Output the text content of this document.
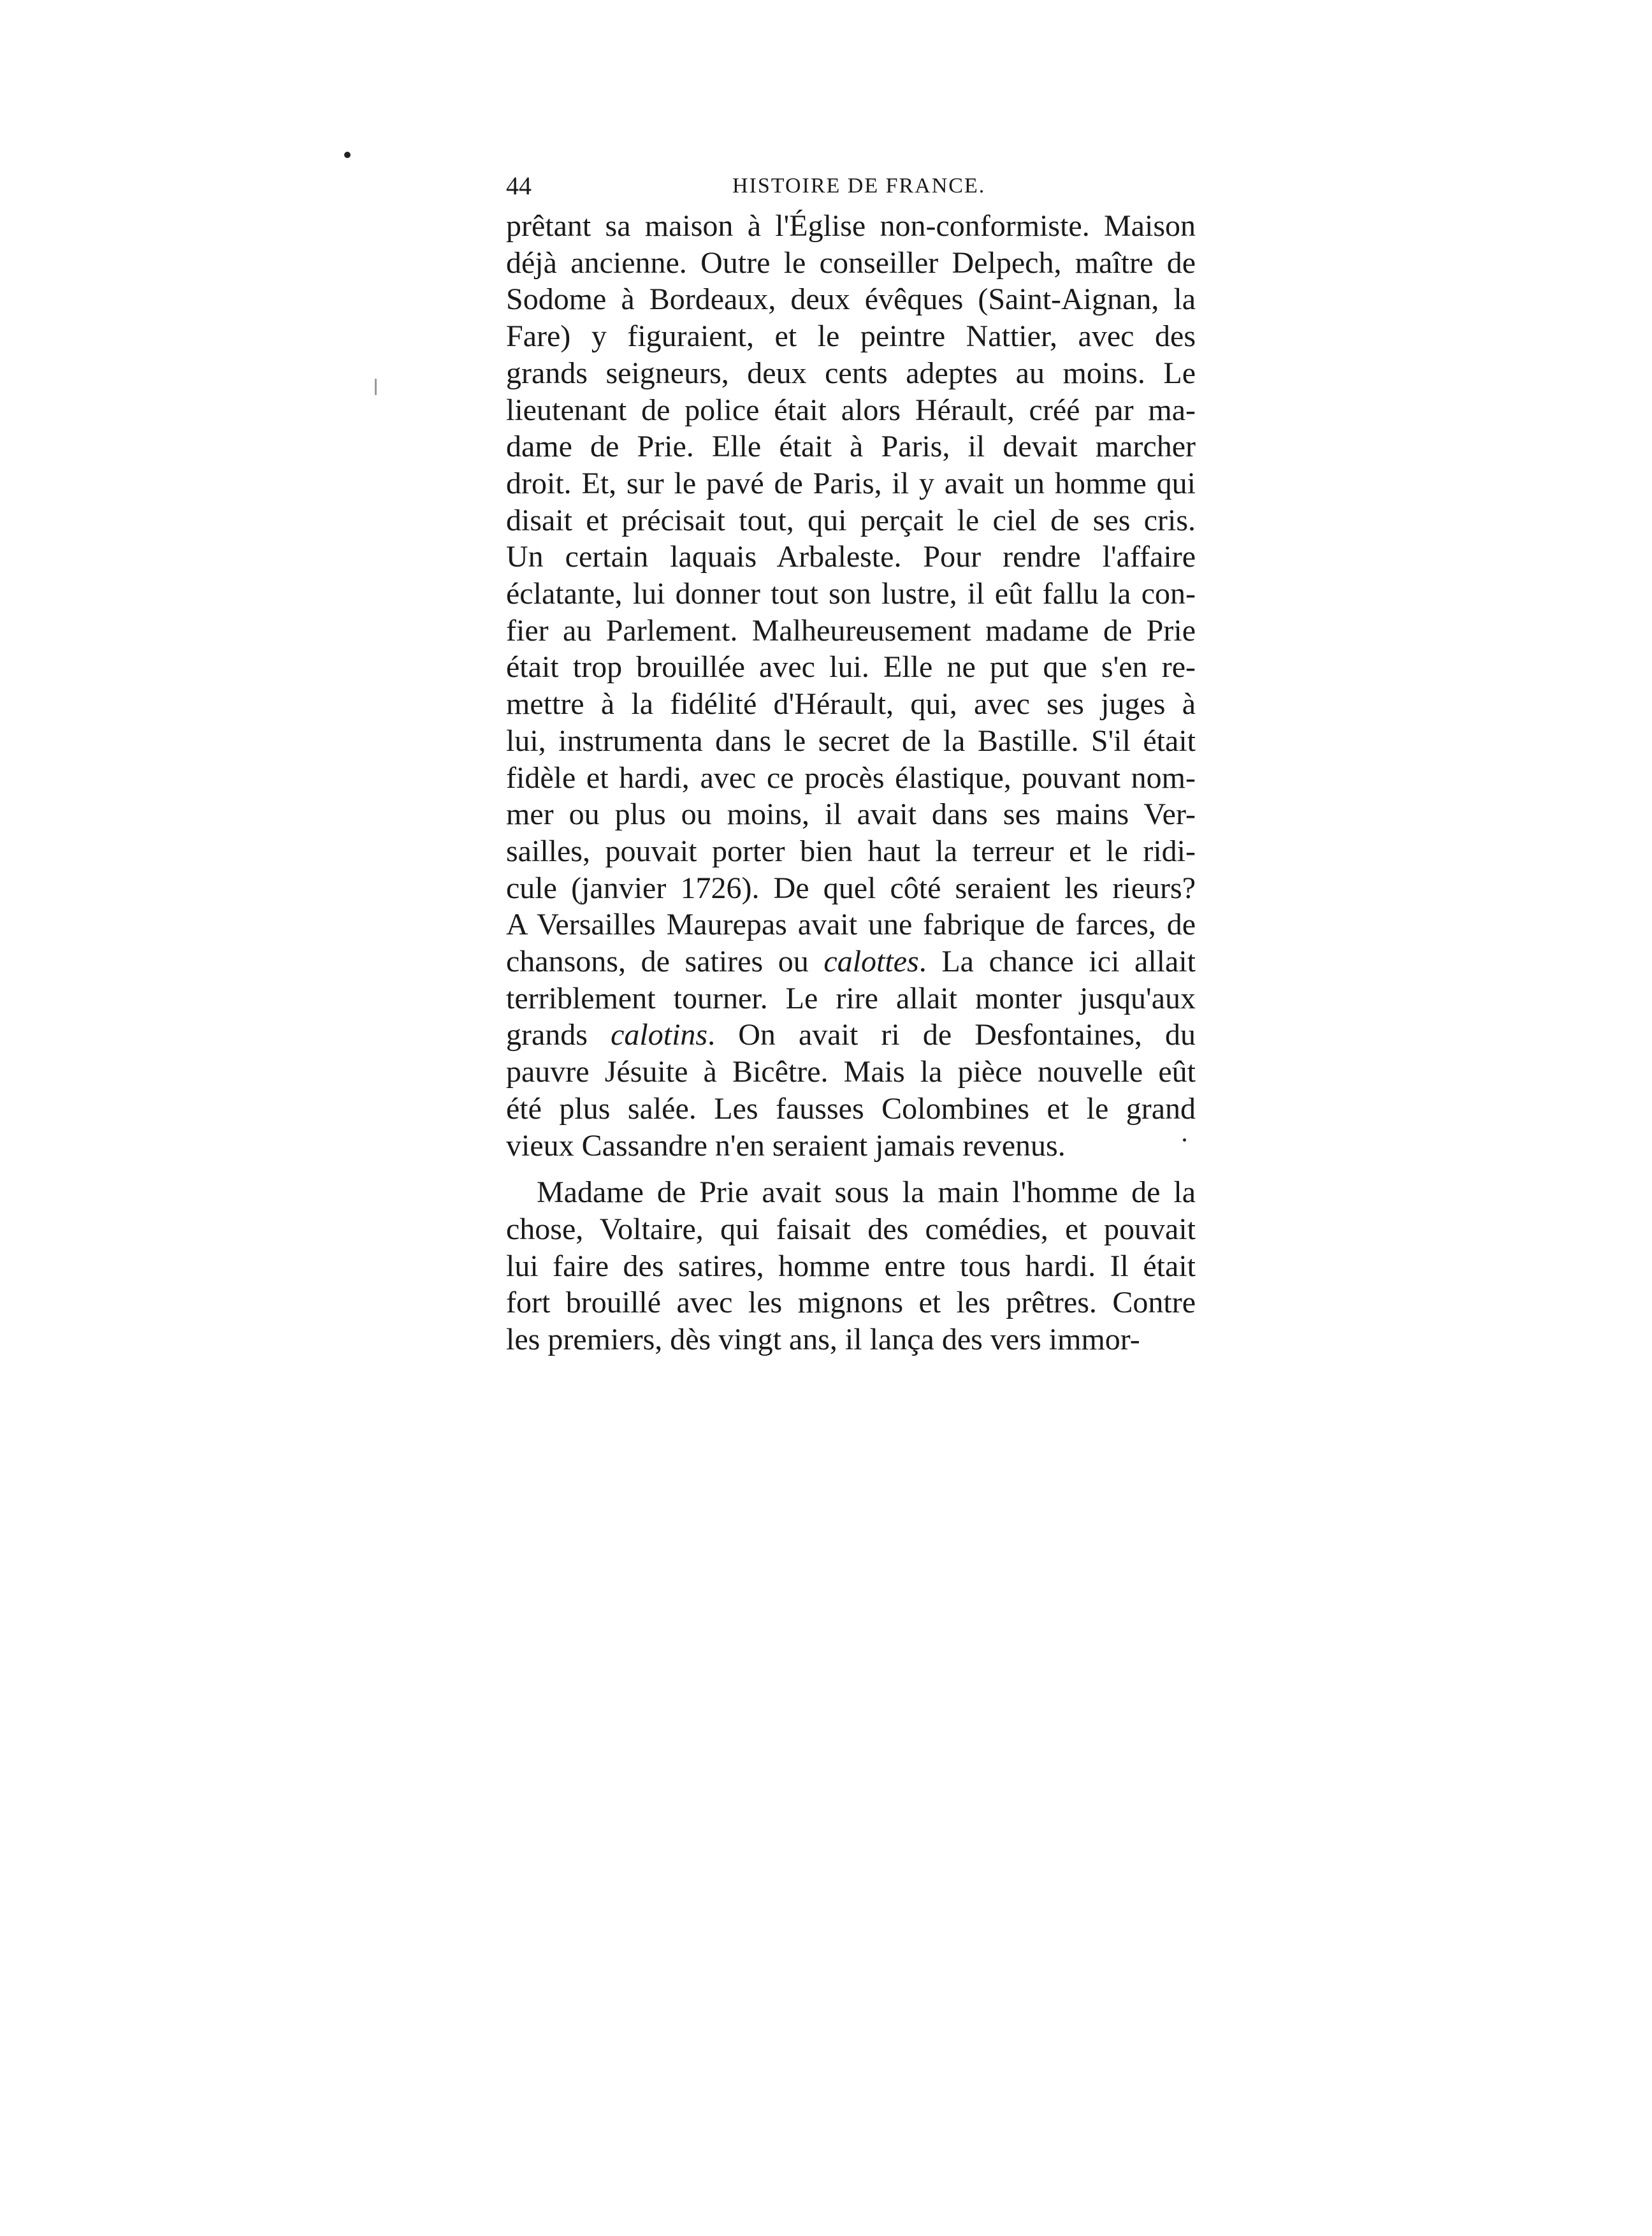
44	HISTOIRE DE FRANCE.
prêtant sa maison à l'Église non-conformiste. Maison
déjà ancienne. Outre le conseiller Delpech, maître de
Sodome à Bordeaux, deux évêques (Saint-Aignan, la
Fare) y figuraient, et le peintre Nattier, avec des
grands seigneurs, deux cents adeptes au moins. Le
lieutenant de police était alors Hérault, créé par ma-
dame de Prie. Elle était à Paris, il devait marcher
droit. Et, sur le pavé de Paris, il y avait un homme qui
disait et précisait tout, qui perçait le ciel de ses cris.
Un certain laquais Arbaleste. Pour rendre l'affaire
éclatante, lui donner tout son lustre, il eût fallu la con-
fier au Parlement. Malheureusement madame de Prie
était trop brouillée avec lui. Elle ne put que s'en re-
mettre à la fidélité d'Hérault, qui, avec ses juges à
lui, instrumenta dans le secret de la Bastille. S'il était
fidèle et hardi, avec ce procès élastique, pouvant nom-
mer ou plus ou moins, il avait dans ses mains Ver-
sailles, pouvait porter bien haut la terreur et le ridi-
cule (janvier 1726). De quel côté seraient les rieurs?
A Versailles Maurepas avait une fabrique de farces, de
chansons, de satires ou calottes. La chance ici allait
terriblement tourner. Le rire allait monter jusqu'aux
grands calotins. On avait ri de Desfontaines, du
pauvre Jésuite à Bicêtre. Mais la pièce nouvelle eût
été plus salée. Les fausses Colombines et le grand
vieux Cassandre n'en seraient jamais revenus.
Madame de Prie avait sous la main l'homme de la
chose, Voltaire, qui faisait des comédies, et pouvait
lui faire des satires, homme entre tous hardi. Il était
fort brouillé avec les mignons et les prêtres. Contre
les premiers, dès vingt ans, il lança des vers immor-
